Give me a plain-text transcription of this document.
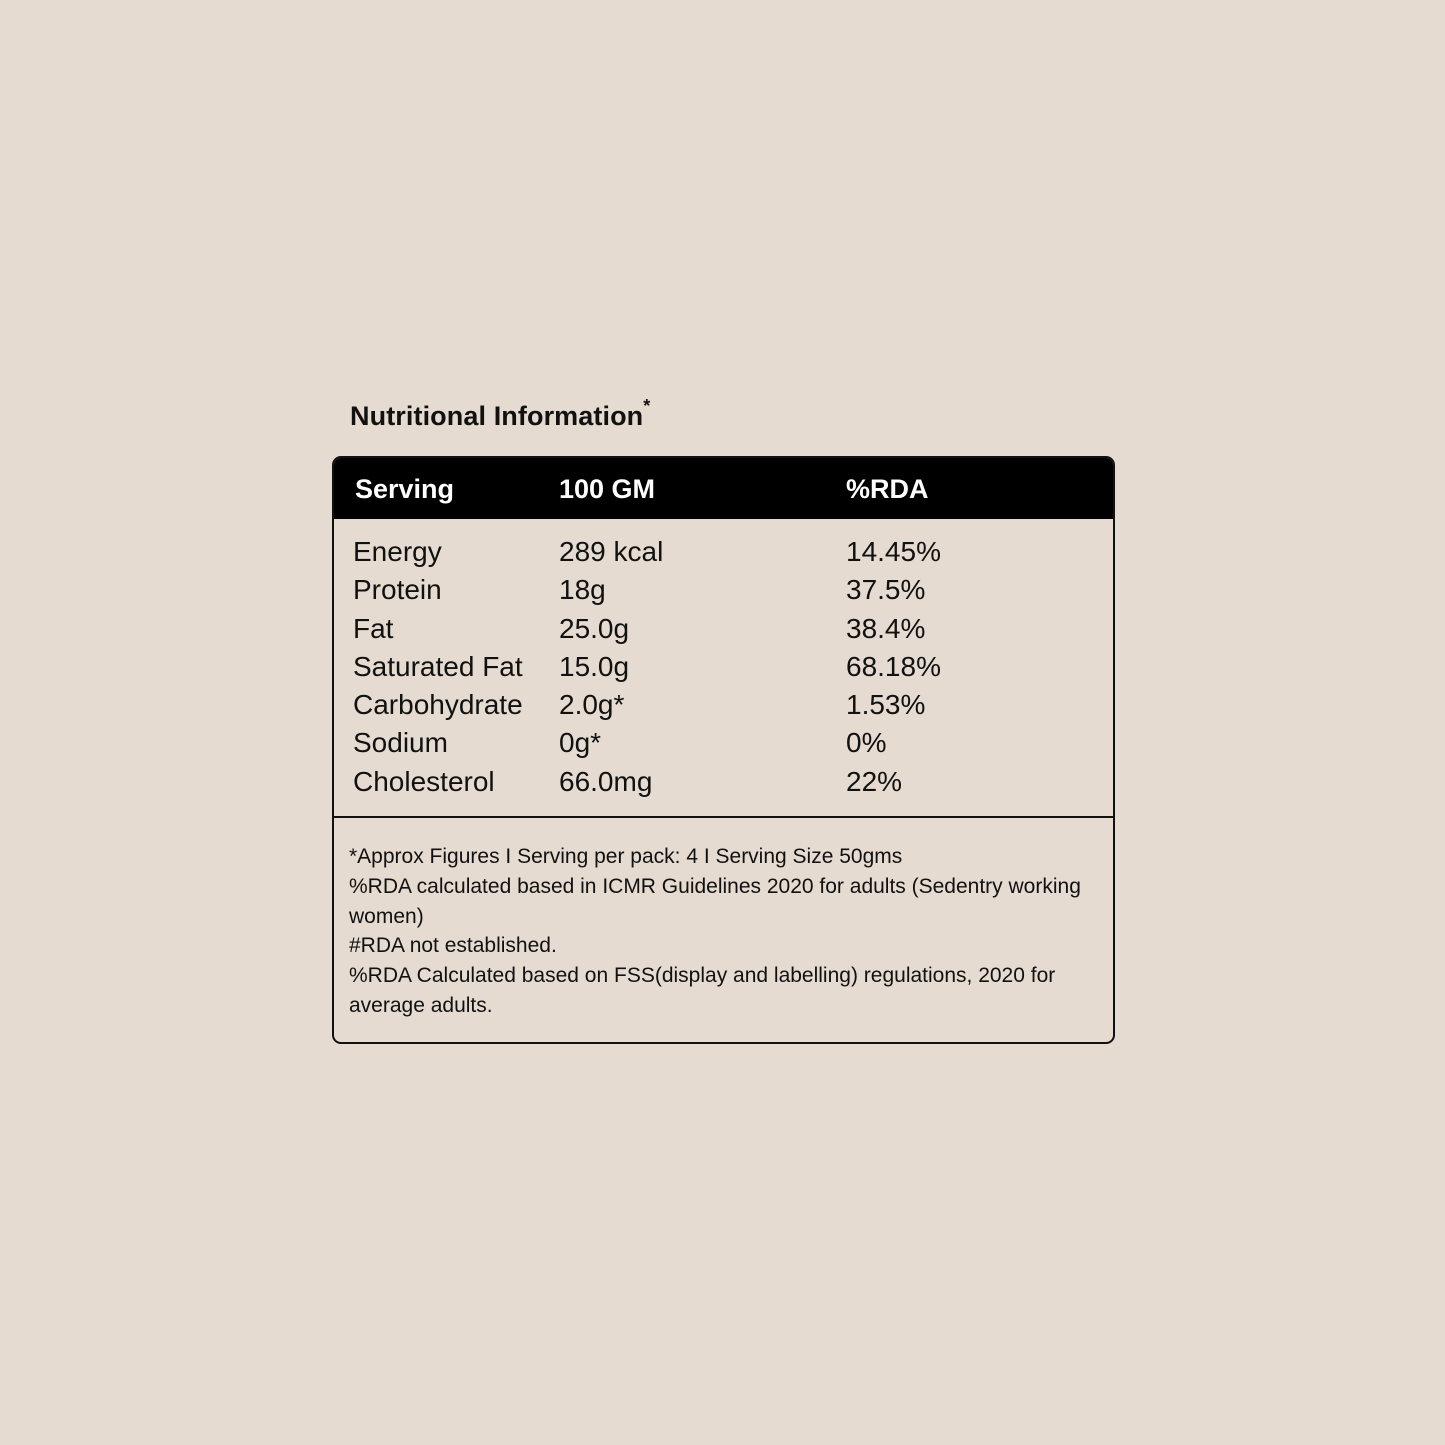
Nutritional Information*
Serving	100 GM	%RDA
Energy	289 kcal	14.45%
Protein	18g	37.5%
Fat	25.0g	38.4%
Saturated Fat 15.0g	68.18%
Carbohydrate 2.0g*	1.53%
Sodium	0g*	0%
Cholesterol 66.0mg	22%
*Approx Figures I Serving per pack: 4 I Serving Size 50gms
%RDA calculated based in ICMR Guidelines 2020 for adults (Sedentry working women)
#RDA not established.
%RDA Calculated based on FSS(display and labelling) regulations, 2020 for average adults.
